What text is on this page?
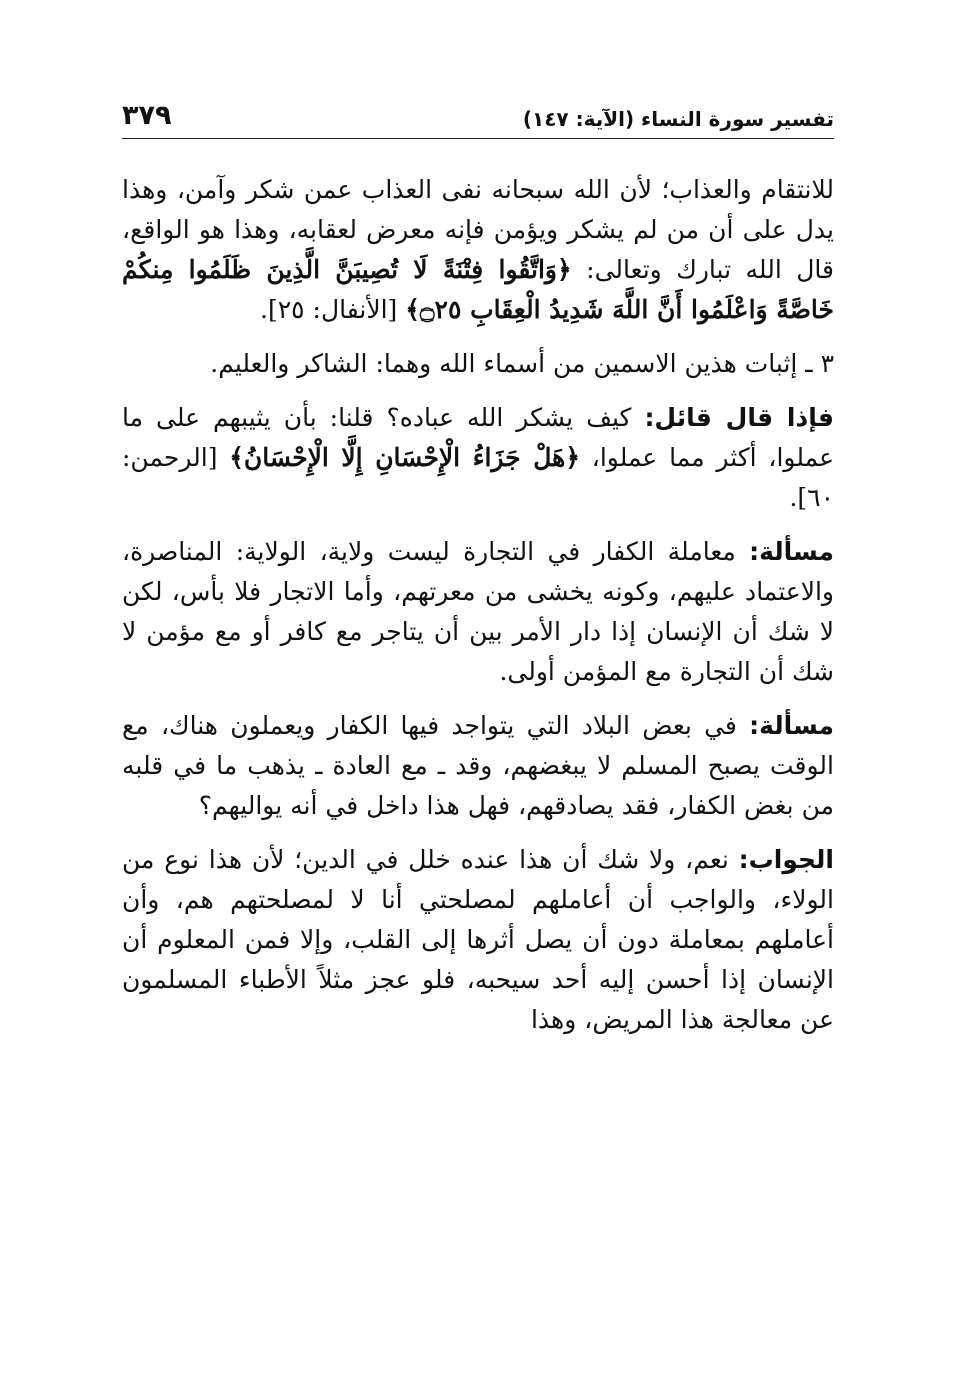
تفسير سورة النساء (الآية: ١٤٧)
٣٧٩

للانتقام والعذاب؛ لأن الله سبحانه نفى العذاب عمن شكر وآمن، وهذا يدل على أن من لم يشكر ويؤمن فإنه معرض لعقابه، وهذا هو الواقع، قال الله تبارك وتعالى: ﴿وَاتَّقُوا فِتْنَةً لَا تُصِيبَنَّ الَّذِينَ ظَلَمُوا مِنكُمْ خَاصَّةً وَاعْلَمُوا أَنَّ اللَّهَ شَدِيدُ الْعِقَابِ ۝٢٥﴾ [الأنفال: ٢٥].

٣ ـ إثبات هذين الاسمين من أسماء الله وهما: الشاكر والعليم.

فإذا قال قائل: كيف يشكر الله عباده؟ قلنا: بأن يثيبهم على ما عملوا، أكثر مما عملوا، ﴿هَلْ جَزَاءُ الْإِحْسَانِ إِلَّا الْإِحْسَانُ﴾ [الرحمن: ٦٠].

مسألة: معاملة الكفار في التجارة ليست ولاية، الولاية: المناصرة، والاعتماد عليهم، وكونه يخشى من معرتهم، وأما الاتجار فلا بأس، لكن لا شك أن الإنسان إذا دار الأمر بين أن يتاجر مع كافر أو مع مؤمن لا شك أن التجارة مع المؤمن أولى.

مسألة: في بعض البلاد التي يتواجد فيها الكفار ويعملون هناك، مع الوقت يصبح المسلم لا يبغضهم، وقد ـ مع العادة ـ يذهب ما في قلبه من بغض الكفار، فقد يصادقهم، فهل هذا داخل في أنه يواليهم؟

الجواب: نعم، ولا شك أن هذا عنده خلل في الدين؛ لأن هذا نوع من الولاء، والواجب أن أعاملهم لمصلحتي أنا لا لمصلحتهم هم، وأن أعاملهم بمعاملة دون أن يصل أثرها إلى القلب، وإلا فمن المعلوم أن الإنسان إذا أحسن إليه أحد سيحبه، فلو عجز مثلاً الأطباء المسلمون عن معالجة هذا المريض، وهذا
